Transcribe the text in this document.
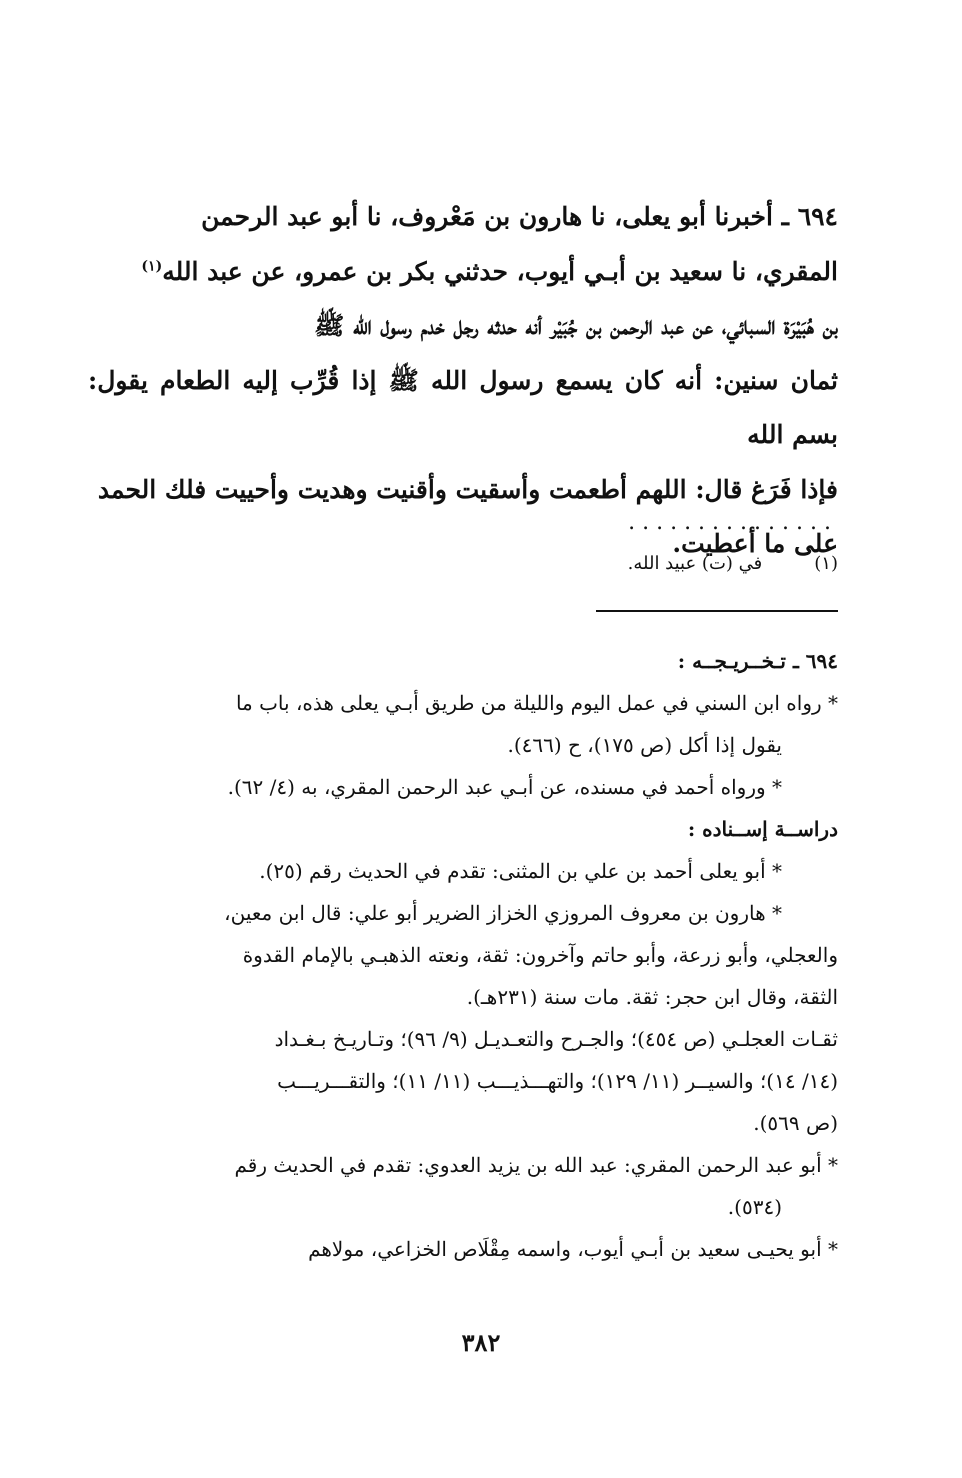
٦٩٤ ـ أخبرنا أبو يعلى، نا هارون بن مَعْروف، نا أبو عبد الرحمن

المقري، نا سعيد بن أبـي أيوب، حدثني بكر بن عمرو، عن عبد الله$^{(١)}$

بن هُبَيْرَة السبائي، عن عبد الرحمن بن جُبَيْر أنه حدثه رجل خدم رسول الله ﷺ

ثمان سنين: أنه كان يسمع رسول الله ﷺ إذا قُرِّب إليه الطعام يقول: بسم الله

فإذا فَرَغ قال: اللهم أطعمت وأسقيت وأقنيت وهديت وأحييت فلك الحمد

على ما أعطيت.

...............
(١) في (ت) عبيد الله.

٦٩٤ ـ تـخــريـجــه :

* رواه ابن السني في عمل اليوم والليلة من طريق أبـي يعلى هذه، باب ما

يقول إذا أكل (ص ١٧٥)، ح (٤٦٦).

* ورواه أحمد في مسنده، عن أبـي عبد الرحمن المقري، به (٤/ ٦٢).

دراســة إســناده :

* أبو يعلى أحمد بن علي بن المثنى: تقدم في الحديث رقم (٢٥).

* هارون بن معروف المروزي الخزاز الضرير أبو علي: قال ابن معين،

والعجلي، وأبو زرعة، وأبو حاتم وآخرون: ثقة، ونعته الذهبـي بالإمام القدوة

الثقة، وقال ابن حجر: ثقة. مات سنة (٢٣١هـ).

ثقـات العجلـي (ص ٤٥٤)؛ والجـرح والتعـديـل (٩/ ٩٦)؛ وتـاريـخ بـغـداد

(١٤/ ١٤)؛ والسيــر (١١/ ١٢٩)؛ والتهـــذيـــب (١١/ ١١)؛ والتقـــريـــب

(ص ٥٦٩).

* أبو عبد الرحمن المقري: عبد الله بن يزيد العدوي: تقدم في الحديث رقم

(٥٣٤).

* أبو يحيـى سعيد بن أبـي أيوب، واسمه مِقْلَاص الخزاعي، مولاهم

٣٨٢
